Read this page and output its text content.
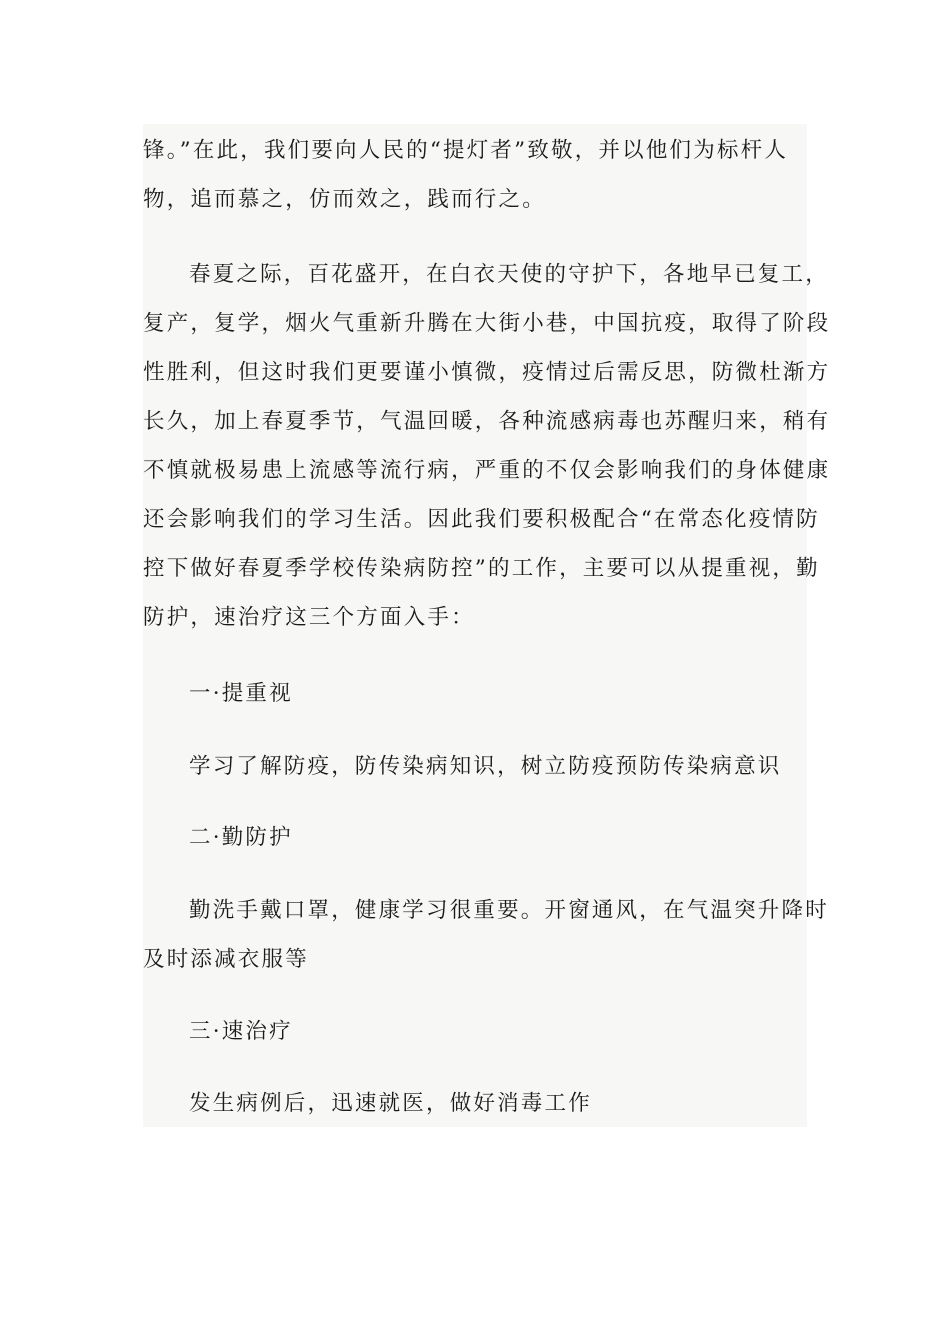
锋。”在此，我们要向人民的“提灯者”致敬，并以他们为标杆人
物，追而慕之，仿而效之，践而行之。
春夏之际，百花盛开，在白衣天使的守护下，各地早已复工，
复产，复学，烟火气重新升腾在大街小巷，中国抗疫，取得了阶段
性胜利，但这时我们更要谨小慎微，疫情过后需反思，防微杜渐方
长久，加上春夏季节，气温回暖，各种流感病毒也苏醒归来，稍有
不慎就极易患上流感等流行病，严重的不仅会影响我们的身体健康
还会影响我们的学习生活。因此我们要积极配合“在常态化疫情防
控下做好春夏季学校传染病防控”的工作，主要可以从提重视，勤
防护，速治疗这三个方面入手：
一·提重视
学习了解防疫，防传染病知识，树立防疫预防传染病意识
二·勤防护
勤洗手戴口罩，健康学习很重要。开窗通风，在气温突升降时
及时添减衣服等
三·速治疗
发生病例后，迅速就医，做好消毒工作
